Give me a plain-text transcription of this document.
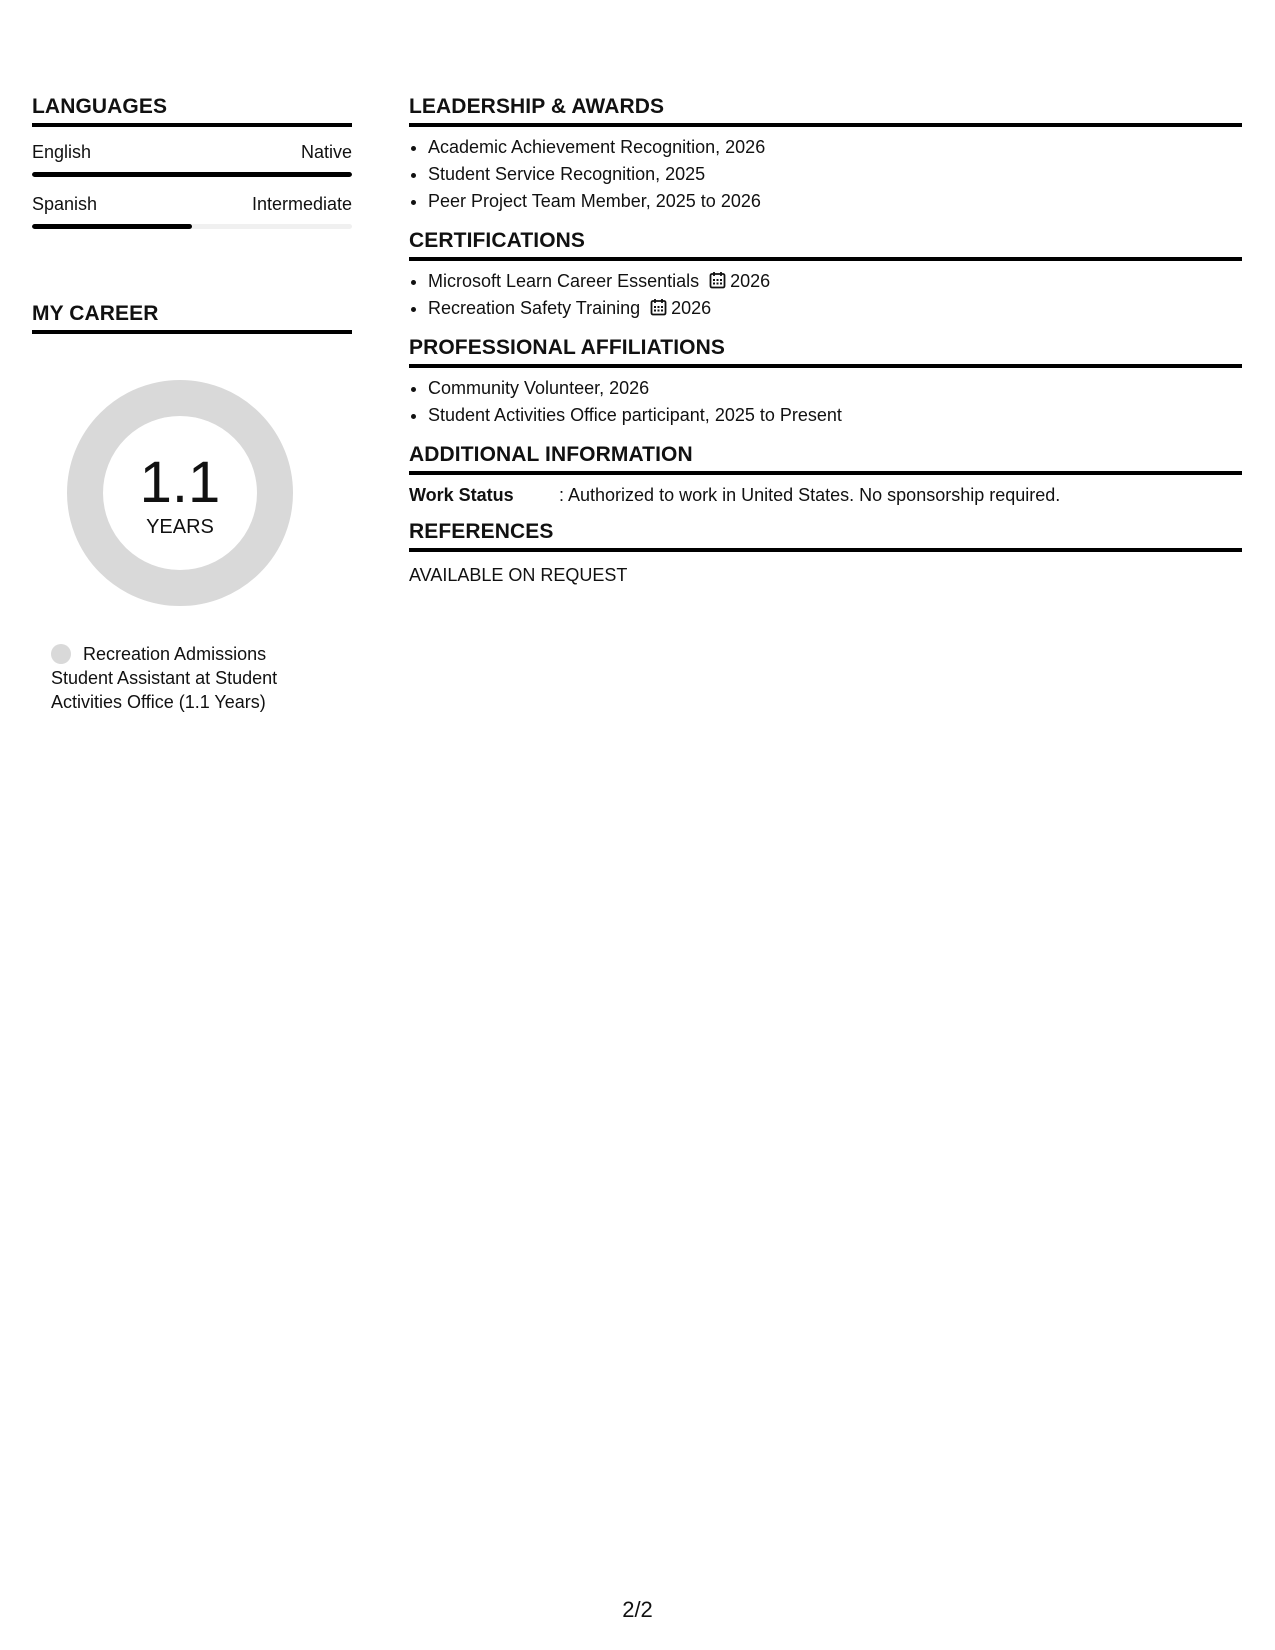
LANGUAGES
English	Native
Spanish	Intermediate
MY CAREER
1.1
YEARS
Recreation Admissions Student Assistant at Student Activities Office (1.1 Years)
LEADERSHIP & AWARDS
• Academic Achievement Recognition, 2026
• Student Service Recognition, 2025
• Peer Project Team Member, 2025 to 2026
CERTIFICATIONS
• Microsoft Learn Career Essentials 2026
• Recreation Safety Training 2026
PROFESSIONAL AFFILIATIONS
• Community Volunteer, 2026
• Student Activities Office participant, 2025 to Present
ADDITIONAL INFORMATION
Work Status	: Authorized to work in United States. No sponsorship required.
REFERENCES
AVAILABLE ON REQUEST
2/2
